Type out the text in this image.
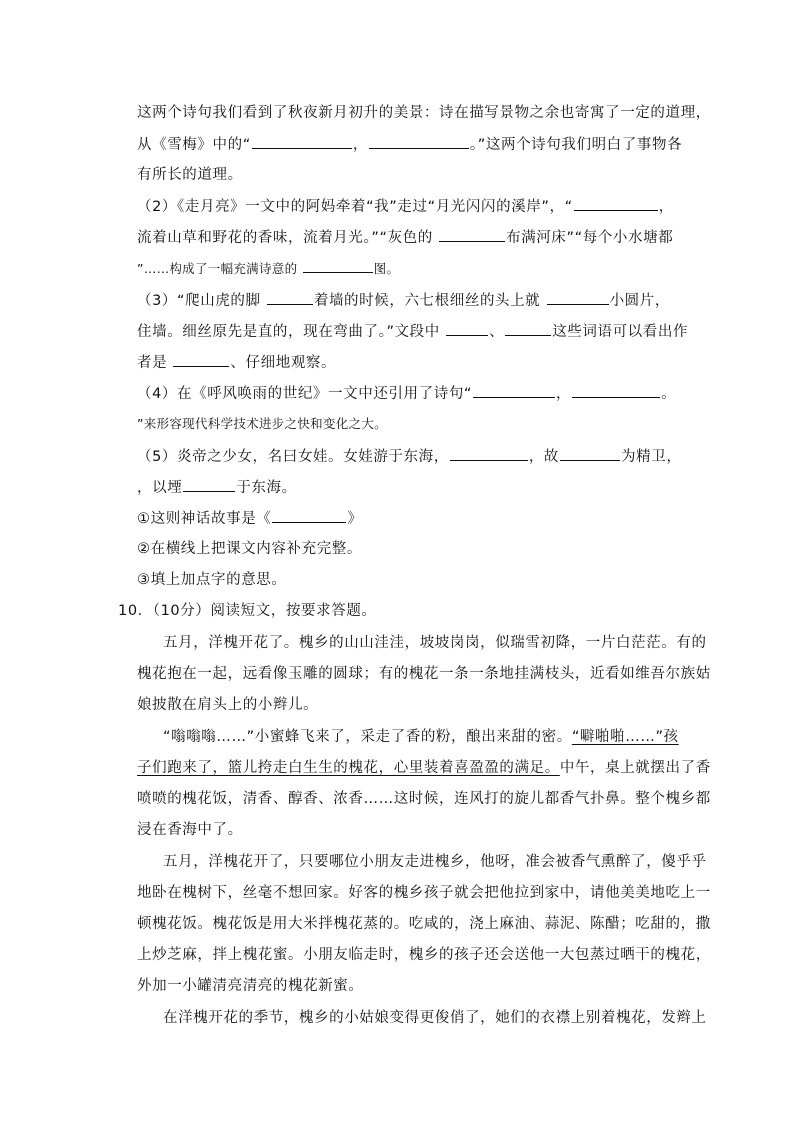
这两个诗句我们看到了秋夜新月初升的美景：诗在描写景物之余也寄寓了一定的道理，
从《雪梅》中的“	，	。”这两个诗句我们明白了事物各
有所长的道理。
（2）《走月亮》一文中的阿妈牵着“我”走过“月光闪闪的溪岸”，“	，
流着山草和野花的香味，流着月光。”“灰色的	布满河床”“每个小水塘都
”……构成了一幅充满诗意的	图。
（3）“爬山虎的脚	着墙的时候，六七根细丝的头上就	小圆片，
住墙。细丝原先是直的，现在弯曲了。”文段中	、	这些词语可以看出作
者是	、仔细地观察。
（4）在《呼风唤雨的世纪》一文中还引用了诗句“	，	。
”来形容现代科学技术进步之快和变化之大。
（5）炎帝之少女，名曰女娃。女娃游于东海，	，故	为精卫，
，以堙	于东海。
①这则神话故事是《	》
②在横线上把课文内容补充完整。
③填上加点字的意思。
10．（10分）阅读短文，按要求答题。
五月，洋槐开花了。槐乡的山山洼洼，坡坡岗岗，似瑞雪初降，一片白茫茫。有的
槐花抱在一起，远看像玉雕的圆球；有的槐花一条一条地挂满枝头，近看如维吾尔族姑
娘披散在肩头上的小辫儿。
“嗡嗡嗡……”小蜜蜂飞来了，采走了香的粉，酿出来甜的密。“噼啪啪……”孩
子们跑来了，篮儿挎走白生生的槐花，心里装着喜盈盈的满足。中午，桌上就摆出了香
喷喷的槐花饭，清香、醇香、浓香……这时候，连风打的旋儿都香气扑鼻。整个槐乡都
浸在香海中了。
五月，洋槐花开了，只要哪位小朋友走进槐乡，他呀，准会被香气熏醉了，傻乎乎
地卧在槐树下，丝毫不想回家。好客的槐乡孩子就会把他拉到家中，请他美美地吃上一
顿槐花饭。槐花饭是用大米拌槐花蒸的。吃咸的，浇上麻油、蒜泥、陈醋；吃甜的，撒
上炒芝麻，拌上槐花蜜。小朋友临走时，槐乡的孩子还会送他一大包蒸过晒干的槐花，
外加一小罐清亮清亮的槐花新蜜。
在洋槐开花的季节，槐乡的小姑娘变得更俊俏了，她们的衣襟上别着槐花，发辫上
